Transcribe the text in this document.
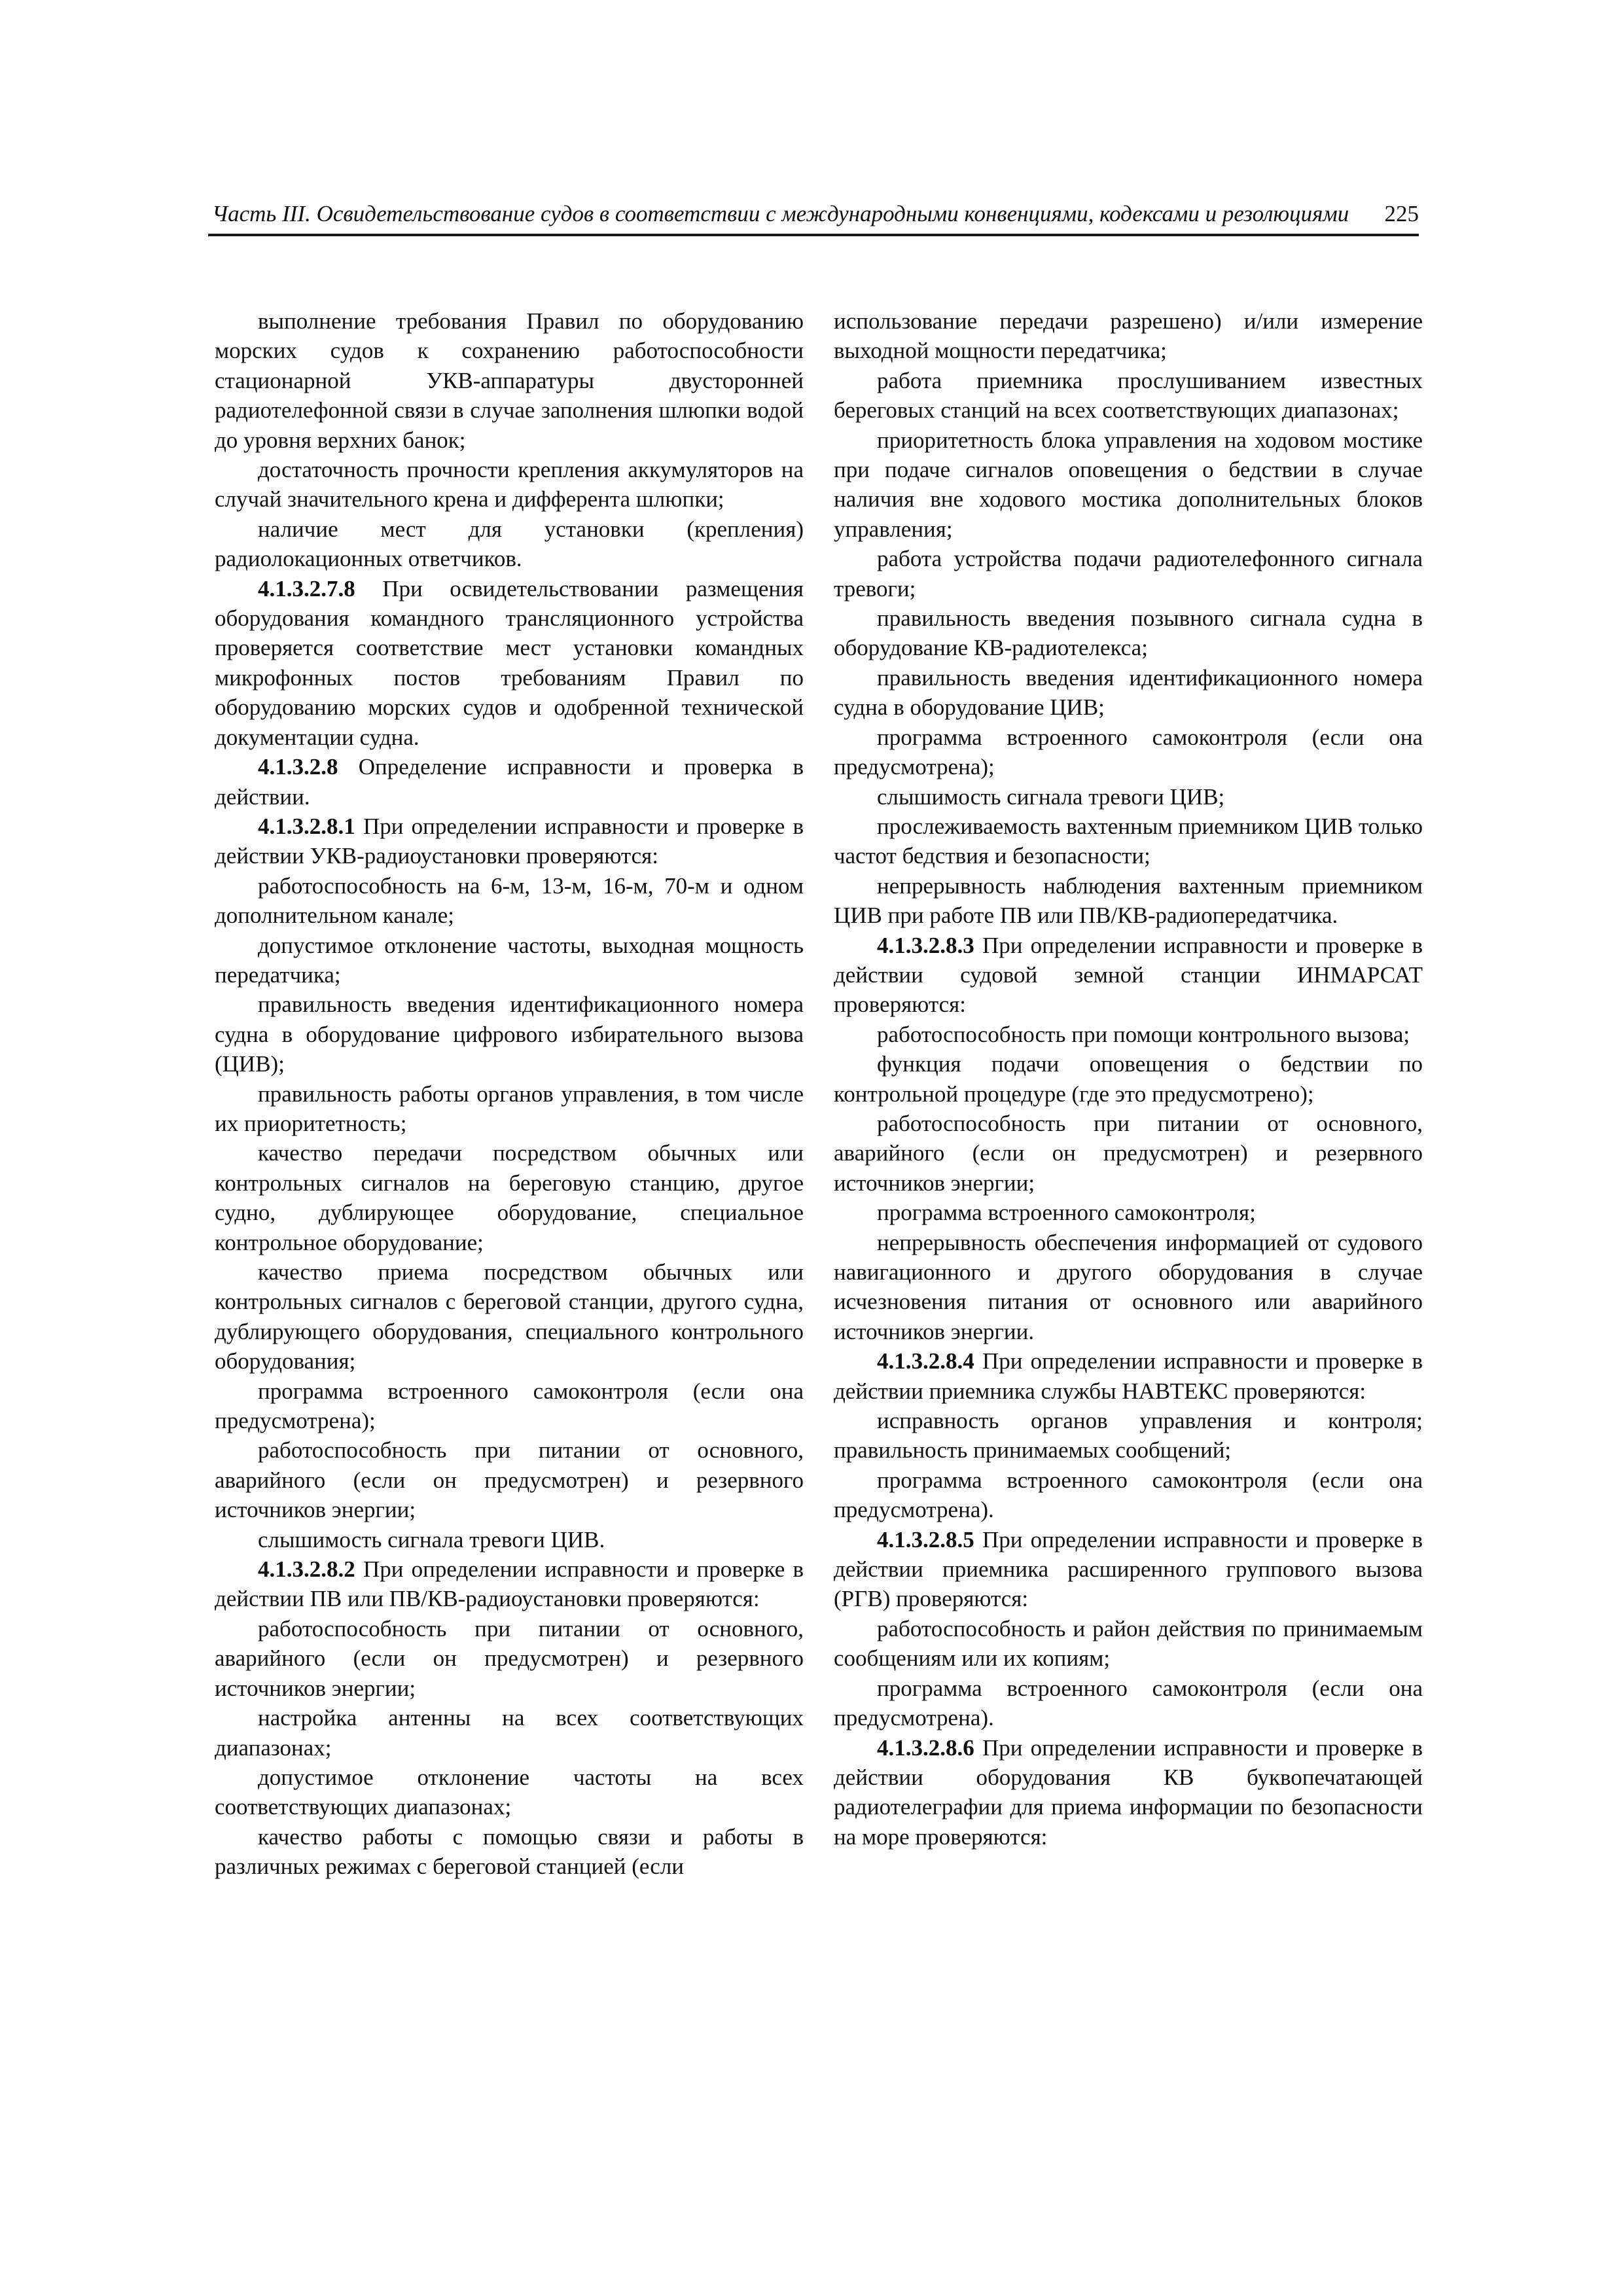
Часть III. Освидетельствование судов в соответствии с международными конвенциями, кодексами и резолюциями 225

выполнение требования Правил по оборудованию морских судов к сохранению работоспособности стационарной УКВ-аппаратуры двусторонней радиотелефонной связи в случае заполнения шлюпки водой до уровня верхних банок;

достаточность прочности крепления аккумуляторов на случай значительного крена и дифферента шлюпки;

наличие мест для установки (крепления) радиолокационных ответчиков.

4.1.3.2.7.8 При освидетельствовании размещения оборудования командного трансляционного устройства проверяется соответствие мест установки командных микрофонных постов требованиям Правил по оборудованию морских судов и одобренной технической документации судна.

4.1.3.2.8 Определение исправности и проверка в действии.

4.1.3.2.8.1 При определении исправности и проверке в действии УКВ-радиоустановки проверяются:

работоспособность на 6-м, 13-м, 16-м, 70-м и одном дополнительном канале;

допустимое отклонение частоты, выходная мощность передатчика;

правильность введения идентификационного номера судна в оборудование цифрового избирательного вызова (ЦИВ);

правильность работы органов управления, в том числе их приоритетность;

качество передачи посредством обычных или контрольных сигналов на береговую станцию, другое судно, дублирующее оборудование, специальное контрольное оборудование;

качество приема посредством обычных или контрольных сигналов с береговой станции, другого судна, дублирующего оборудования, специального контрольного оборудования;

программа встроенного самоконтроля (если она предусмотрена);

работоспособность при питании от основного, аварийного (если он предусмотрен) и резервного источников энергии;

слышимость сигнала тревоги ЦИВ.

4.1.3.2.8.2 При определении исправности и проверке в действии ПВ или ПВ/КВ-радиоустановки проверяются:

работоспособность при питании от основного, аварийного (если он предусмотрен) и резервного источников энергии;

настройка антенны на всех соответствующих диапазонах;

допустимое отклонение частоты на всех соответствующих диапазонах;

качество работы с помощью связи и работы в различных режимах с береговой станцией (если

использование передачи разрешено) и/или измерение выходной мощности передатчика;

работа приемника прослушиванием известных береговых станций на всех соответствующих диапазонах;

приоритетность блока управления на ходовом мостике при подаче сигналов оповещения о бедствии в случае наличия вне ходового мостика дополнительных блоков управления;

работа устройства подачи радиотелефонного сигнала тревоги;

правильность введения позывного сигнала судна в оборудование КВ-радиотелекса;

правильность введения идентификационного номера судна в оборудование ЦИВ;

программа встроенного самоконтроля (если она предусмотрена);

слышимость сигнала тревоги ЦИВ;

прослеживаемость вахтенным приемником ЦИВ только частот бедствия и безопасности;

непрерывность наблюдения вахтенным приемником ЦИВ при работе ПВ или ПВ/КВ-радиопередатчика.

4.1.3.2.8.3 При определении исправности и проверке в действии судовой земной станции ИНМАРСАТ проверяются:

работоспособность при помощи контрольного вызова;

функция подачи оповещения о бедствии по контрольной процедуре (где это предусмотрено);

работоспособность при питании от основного, аварийного (если он предусмотрен) и резервного источников энергии;

программа встроенного самоконтроля;

непрерывность обеспечения информацией от судового навигационного и другого оборудования в случае исчезновения питания от основного или аварийного источников энергии.

4.1.3.2.8.4 При определении исправности и проверке в действии приемника службы НАВТЕКС проверяются:

исправность органов управления и контроля; правильность принимаемых сообщений;

программа встроенного самоконтроля (если она предусмотрена).

4.1.3.2.8.5 При определении исправности и проверке в действии приемника расширенного группового вызова (РГВ) проверяются:

работоспособность и район действия по принимаемым сообщениям или их копиям;

программа встроенного самоконтроля (если она предусмотрена).

4.1.3.2.8.6 При определении исправности и проверке в действии оборудования КВ буквопечатающей радиотелеграфии для приема информации по безопасности на море проверяются:
